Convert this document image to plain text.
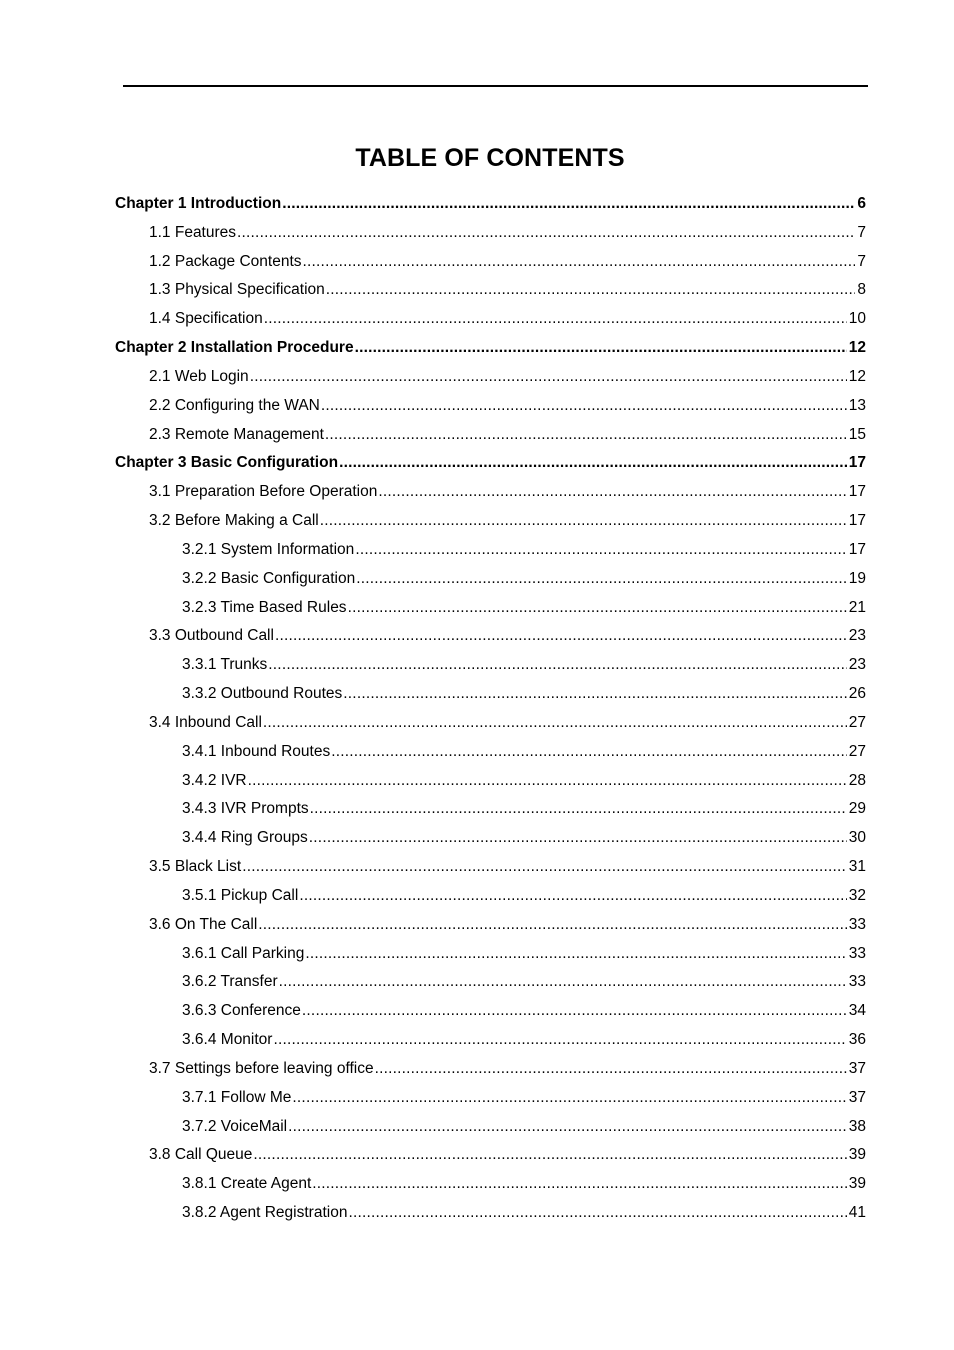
TABLE OF CONTENTS
Chapter 1 Introduction .....	6
1.1 Features .....	7
1.2 Package Contents .....	7
1.3 Physical Specification .....	8
1.4 Specification .....	10
Chapter 2 Installation Procedure .....	12
2.1 Web Login .....	12
2.2 Configuring the WAN .....	13
2.3 Remote Management .....	15
Chapter 3 Basic Configuration .....	17
3.1 Preparation Before Operation .....	17
3.2 Before Making a Call .....	17
3.2.1 System Information .....	17
3.2.2 Basic Configuration .....	19
3.2.3 Time Based Rules .....	21
3.3 Outbound Call .....	23
3.3.1 Trunks .....	23
3.3.2 Outbound Routes .....	26
3.4 Inbound Call .....	27
3.4.1 Inbound Routes .....	27
3.4.2 IVR .....	28
3.4.3 IVR Prompts .....	29
3.4.4 Ring Groups .....	30
3.5 Black List .....	31
3.5.1 Pickup Call .....	32
3.6 On The Call .....	33
3.6.1 Call Parking .....	33
3.6.2 Transfer .....	33
3.6.3 Conference .....	34
3.6.4 Monitor .....	36
3.7 Settings before leaving office .....	37
3.7.1 Follow Me .....	37
3.7.2 VoiceMail .....	38
3.8 Call Queue .....	39
3.8.1 Create Agent .....	39
3.8.2 Agent Registration .....	41
